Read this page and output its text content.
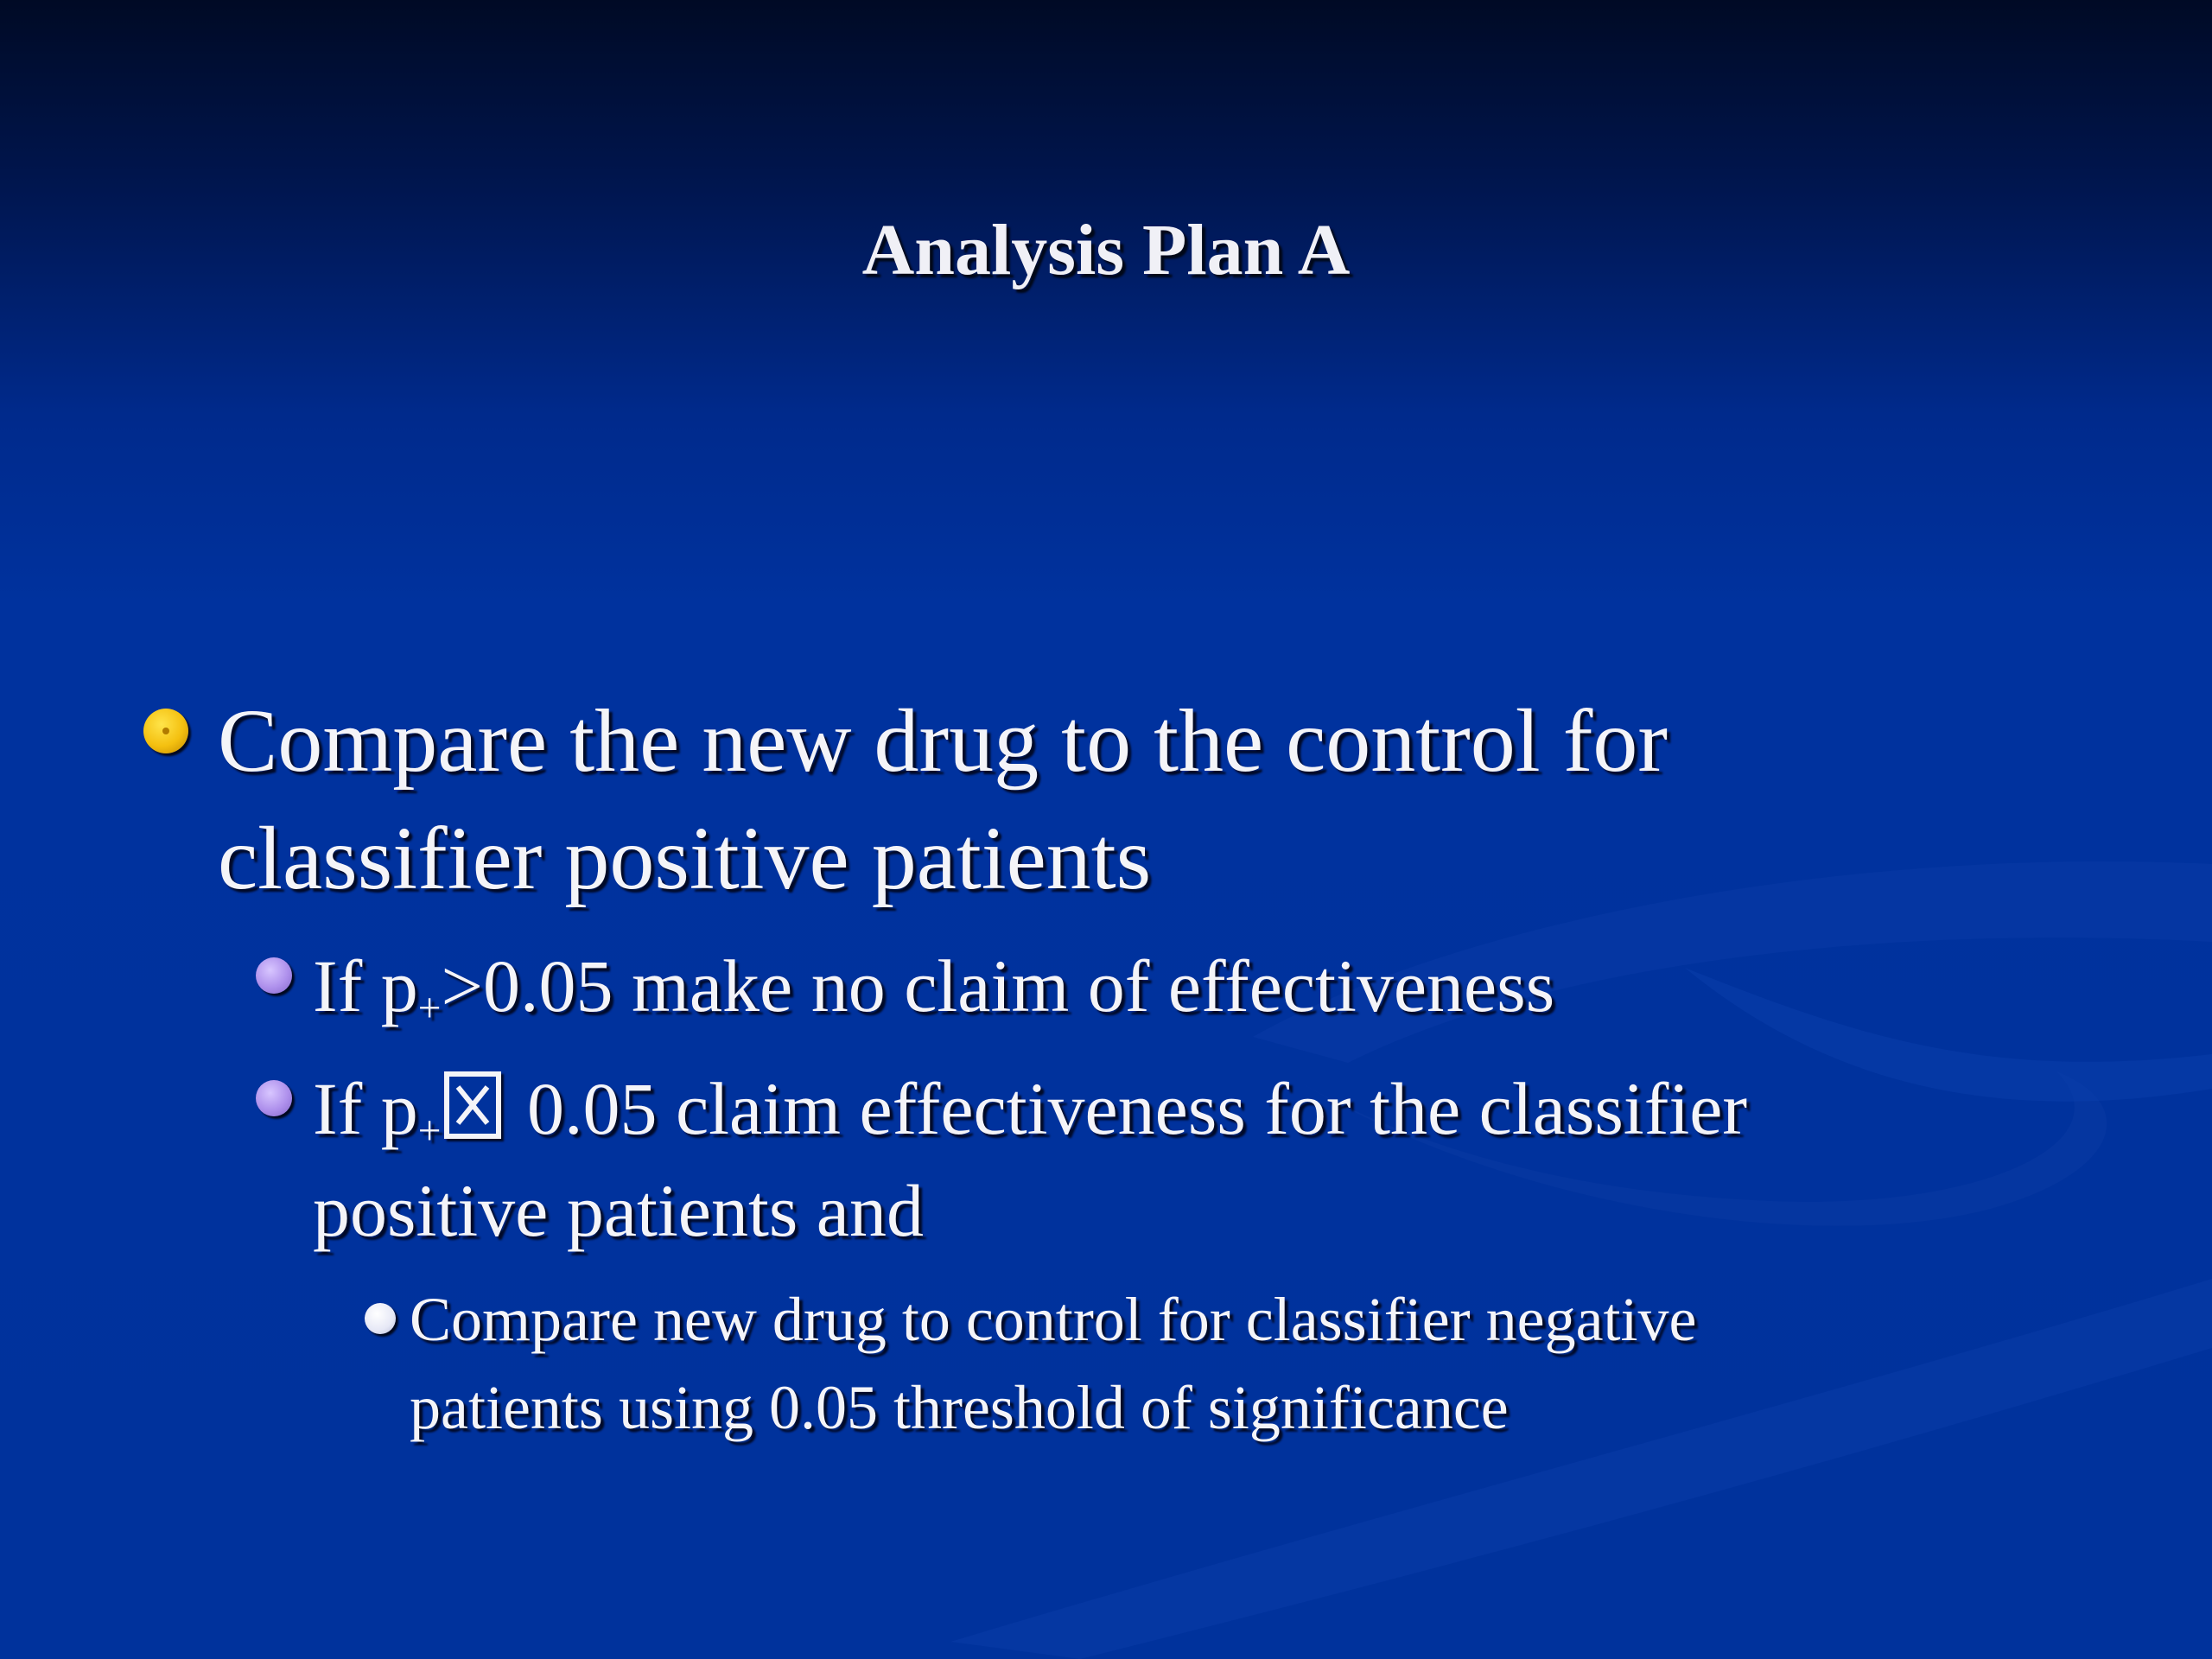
Analysis Plan A
Compare the new drug to the control for
classifier positive patients
If $p_+>0.05$ make no claim of effectiveness
If $p_+$
0.05 claim effectiveness for the classifier
positive patients and
Compare new drug to control for classifier negative
patients using 0.05 threshold of significance
